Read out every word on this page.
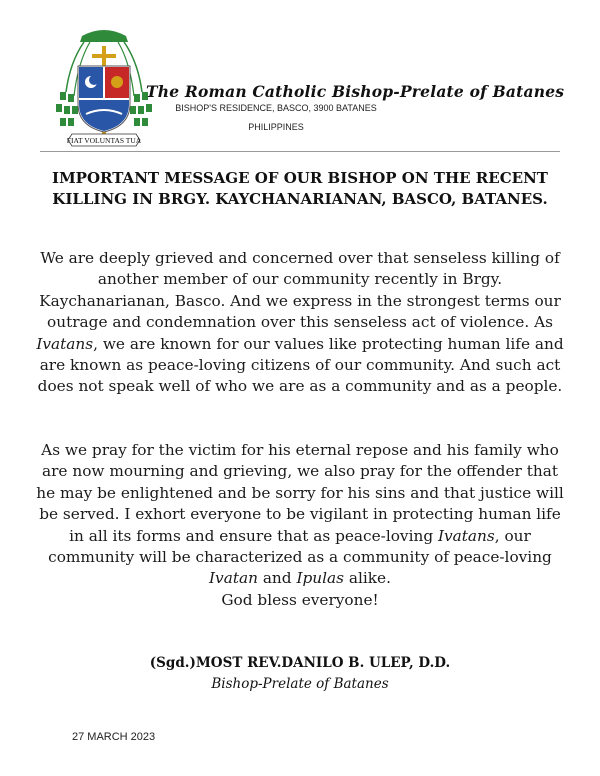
FIAT VOLUNTAS TUA
The Roman Catholic Bishop-Prelate of Batanes
BISHOP'S RESIDENCE, BASCO, 3900 BATANES
PHILIPPINES
IMPORTANT MESSAGE OF OUR BISHOP ON THE RECENT
KILLING IN BRGY. KAYCHANARIANAN, BASCO, BATANES.
We are deeply grieved and concerned over that senseless killing of another member of our community recently in Brgy. Kaychanarianan, Basco. And we express in the strongest terms our outrage and condemnation over this senseless act of violence. As Ivatans, we are known for our values like protecting human life and are known as peace-loving citizens of our community. And such act does not speak well of who we are as a community and as a people.
As we pray for the victim for his eternal repose and his family who are now mourning and grieving, we also pray for the offender that he may be enlightened and be sorry for his sins and that justice will be served. I exhort everyone to be vigilant in protecting human life in all its forms and ensure that as peace-loving Ivatans, our community will be characterized as a community of peace-loving Ivatan and Ipulas alike.
God bless everyone!
(Sgd.)MOST REV.DANILO B. ULEP, D.D.
Bishop-Prelate of Batanes
27 MARCH 2023
